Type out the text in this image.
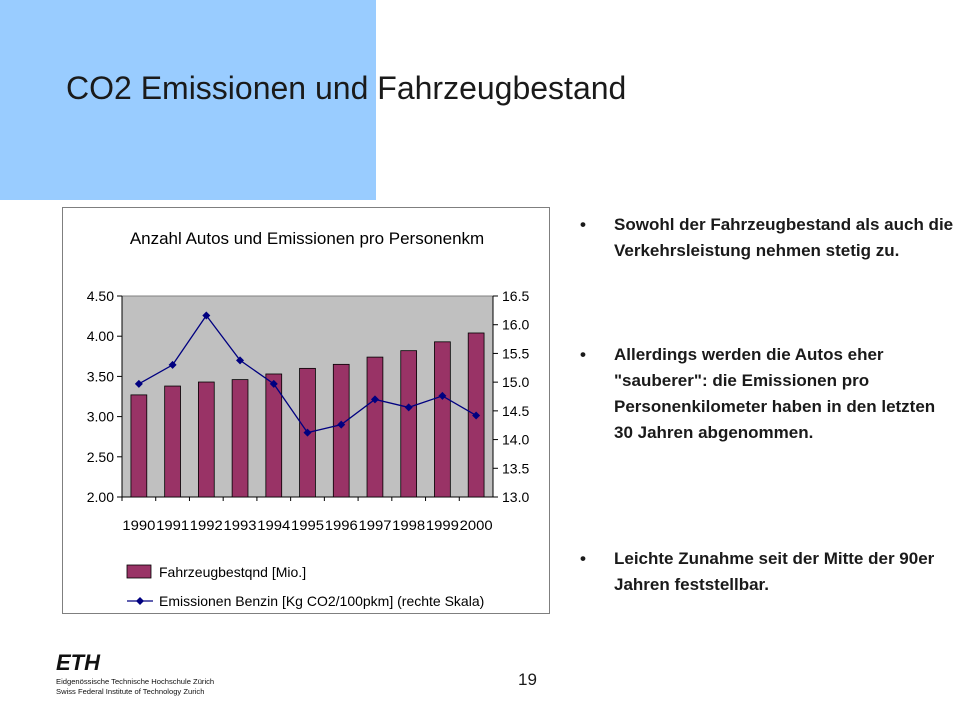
CO2 Emissionen und Fahrzeugbestand
Anzahl Autos und Emissionen pro Personenkm
2.00
2.50
3.00
3.50
4.00
4.50
13.0
13.5
14.0
14.5
15.0
15.5
16.0
16.5
1990 1991 1992 1993 1994 1995 1996 1997 1998 1999 2000
Fahrzeugbestqnd [Mio.]
Emissionen Benzin [Kg CO2/100pkm] (rechte Skala)
• Sowohl der Fahrzeugbestand als auch die Verkehrsleistung nehmen stetig zu.
• Allerdings werden die Autos eher "sauberer": die Emissionen pro Personenkilometer haben in den letzten 30 Jahren abgenommen.
• Leichte Zunahme seit der Mitte der 90er Jahren feststellbar.
ETH
Eidgenössische Technische Hochschule Zürich
Swiss Federal Institute of Technology Zurich
19
